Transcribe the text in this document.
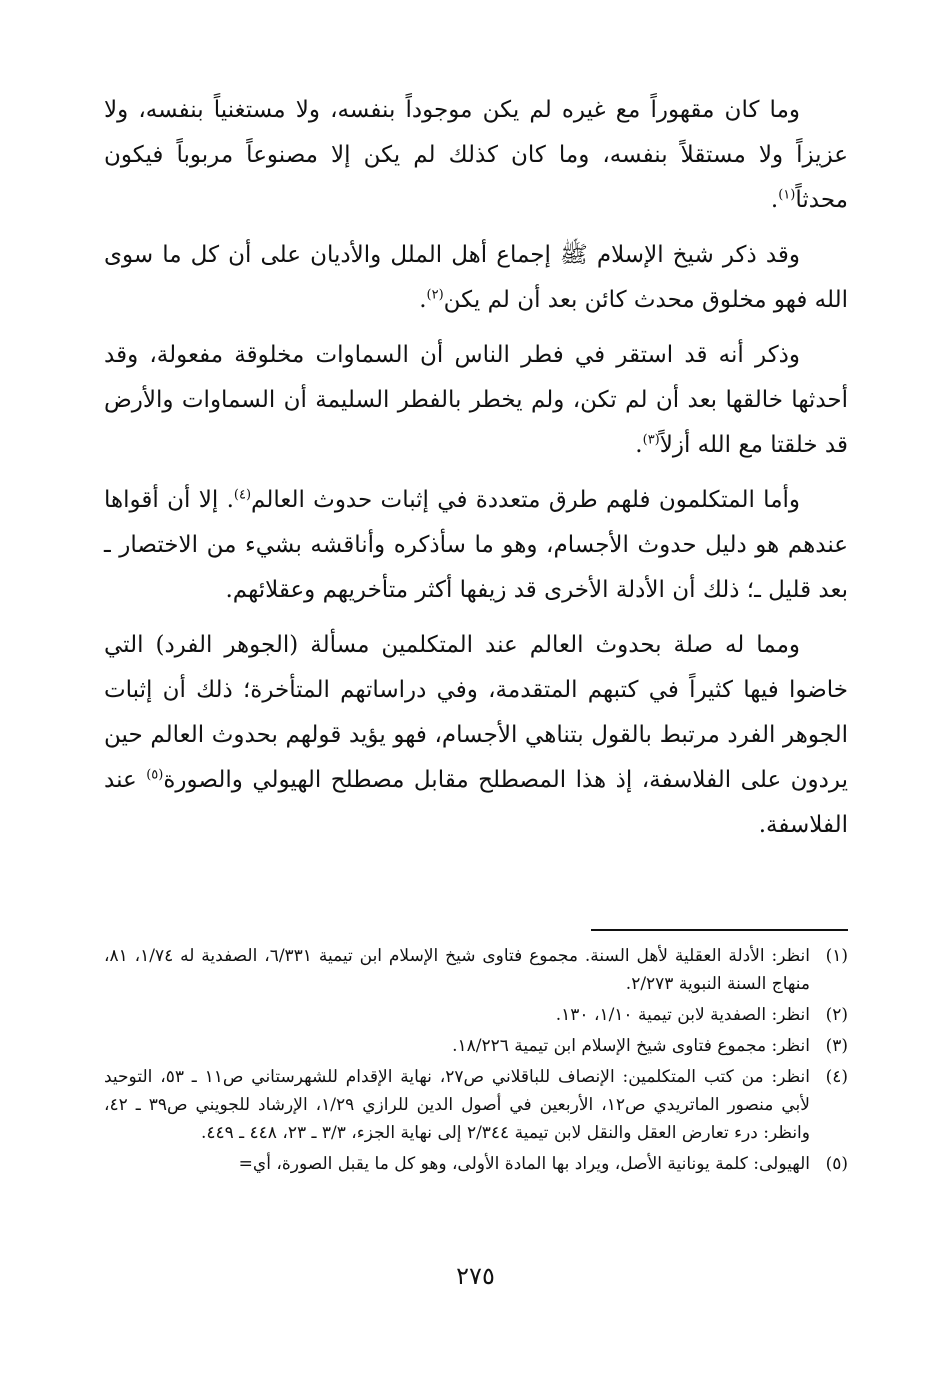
وما كان مقهوراً مع غيره لم يكن موجوداً بنفسه، ولا مستغنياً بنفسه، ولا عزيزاً ولا مستقلاً بنفسه، وما كان كذلك لم يكن إلا مصنوعاً مربوباً فيكون محدثاً$^{(١)}$.

وقد ذكر شيخ الإسلام ﷺ إجماع أهل الملل والأديان على أن كل ما سوى الله فهو مخلوق محدث كائن بعد أن لم يكن$^{(٢)}$.

وذكر أنه قد استقر في فطر الناس أن السماوات مخلوقة مفعولة، وقد أحدثها خالقها بعد أن لم تكن، ولم يخطر بالفطر السليمة أن السماوات والأرض قد خلقتا مع الله أزلاً$^{(٣)}$.

وأما المتكلمون فلهم طرق متعددة في إثبات حدوث العالم$^{(٤)}$. إلا أن أقواها عندهم هو دليل حدوث الأجسام، وهو ما سأذكره وأناقشه بشيء من الاختصار ـ بعد قليل ـ؛ ذلك أن الأدلة الأخرى قد زيفها أكثر متأخريهم وعقلائهم.

ومما له صلة بحدوث العالم عند المتكلمين مسألة (الجوهر الفرد) التي خاضوا فيها كثيراً في كتبهم المتقدمة، وفي دراساتهم المتأخرة؛ ذلك أن إثبات الجوهر الفرد مرتبط بالقول بتناهي الأجسام، فهو يؤيد قولهم بحدوث العالم حين يردون على الفلاسفة، إذ هذا المصطلح مقابل مصطلح الهيولي والصورة$^{(٥)}$ عند الفلاسفة.

(١)
انظر: الأدلة العقلية لأهل السنة. مجموع فتاوى شيخ الإسلام ابن تيمية ٦/٣٣١، الصفدية له ١/٧٤، ٨١، منهاج السنة النبوية ٢/٢٧٣.
(٢)
انظر: الصفدية لابن تيمية ١/١٠، ١٣٠.
(٣)
انظر: مجموع فتاوى شيخ الإسلام ابن تيمية ١٨/٢٢٦.
(٤)
انظر: من كتب المتكلمين: الإنصاف للباقلاني ص٢٧، نهاية الإقدام للشهرستاني ص١١ ـ ٥٣، التوحيد لأبي منصور الماتريدي ص١٢، الأربعين في أصول الدين للرازي ١/٢٩، الإرشاد للجويني ص٣٩ ـ ٤٢، وانظر: درء تعارض العقل والنقل لابن تيمية ٢/٣٤٤ إلى نهاية الجزء، ٣/٣ ـ ٢٣، ٤٤٨ ـ ٤٤٩.
(٥)
الهيولى: كلمة يونانية الأصل، ويراد بها المادة الأولى، وهو كل ما يقبل الصورة، أي=
٢٧٥
